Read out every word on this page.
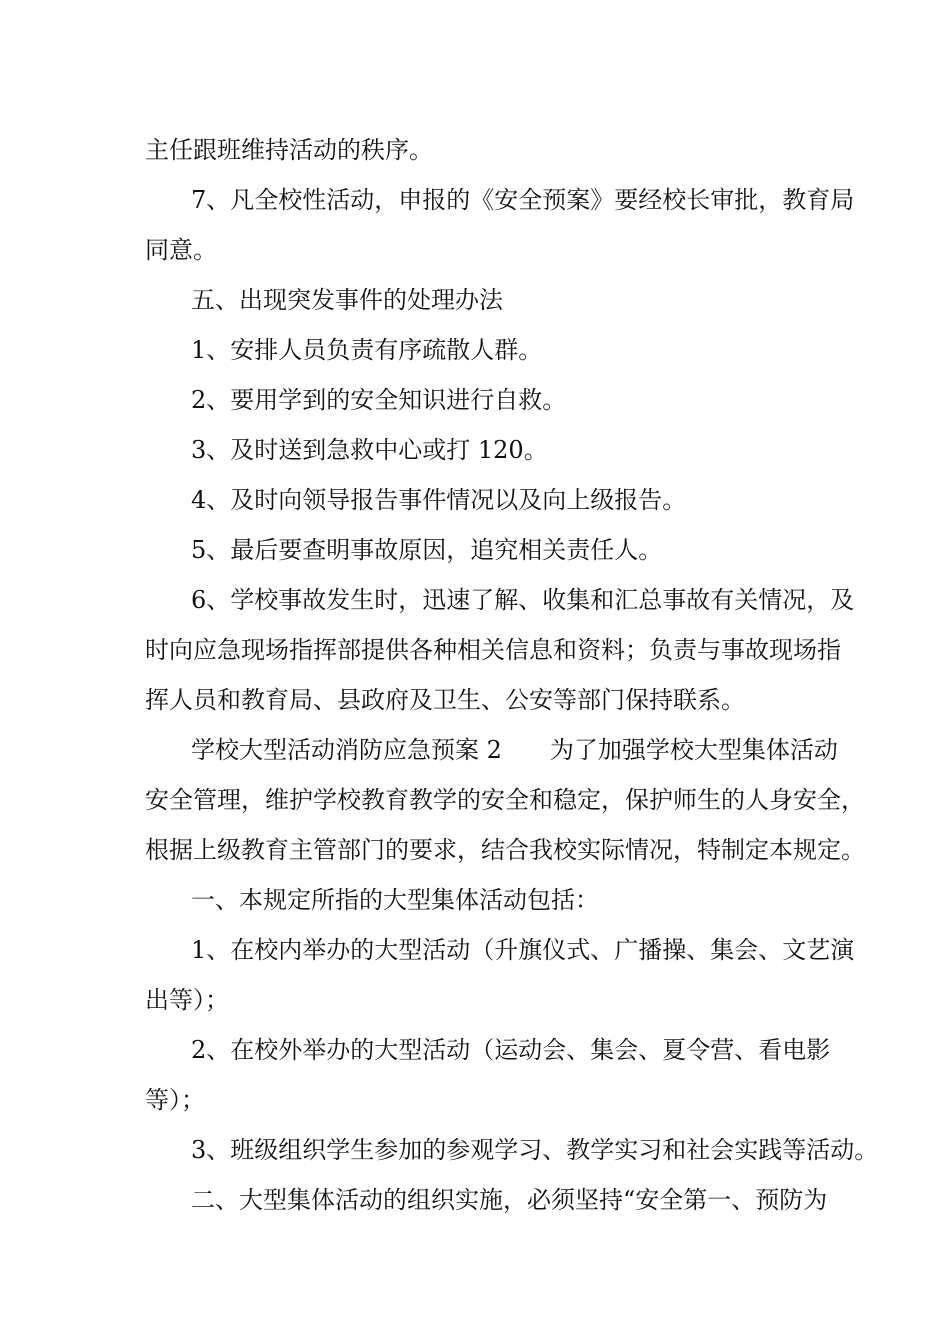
主任跟班维持活动的秩序。

7、凡全校性活动，申报的《安全预案》要经校长审批，教育局

同意。

五、出现突发事件的处理办法

1、安排人员负责有序疏散人群。

2、要用学到的安全知识进行自救。

3、及时送到急救中心或打 120。

4、及时向领导报告事件情况以及向上级报告。

5、最后要查明事故原因，追究相关责任人。

6、学校事故发生时，迅速了解、收集和汇总事故有关情况，及

时向应急现场指挥部提供各种相关信息和资料；负责与事故现场指

挥人员和教育局、县政府及卫生、公安等部门保持联系。

学校大型活动消防应急预案 2　　为了加强学校大型集体活动

安全管理，维护学校教育教学的安全和稳定，保护师生的人身安全，

根据上级教育主管部门的要求，结合我校实际情况，特制定本规定。

一、本规定所指的大型集体活动包括：

1、在校内举办的大型活动（升旗仪式、广播操、集会、文艺演

出等）；

2、在校外举办的大型活动（运动会、集会、夏令营、看电影

等）；

3、班级组织学生参加的参观学习、教学实习和社会实践等活动。

二、大型集体活动的组织实施，必须坚持“安全第一、预防为
